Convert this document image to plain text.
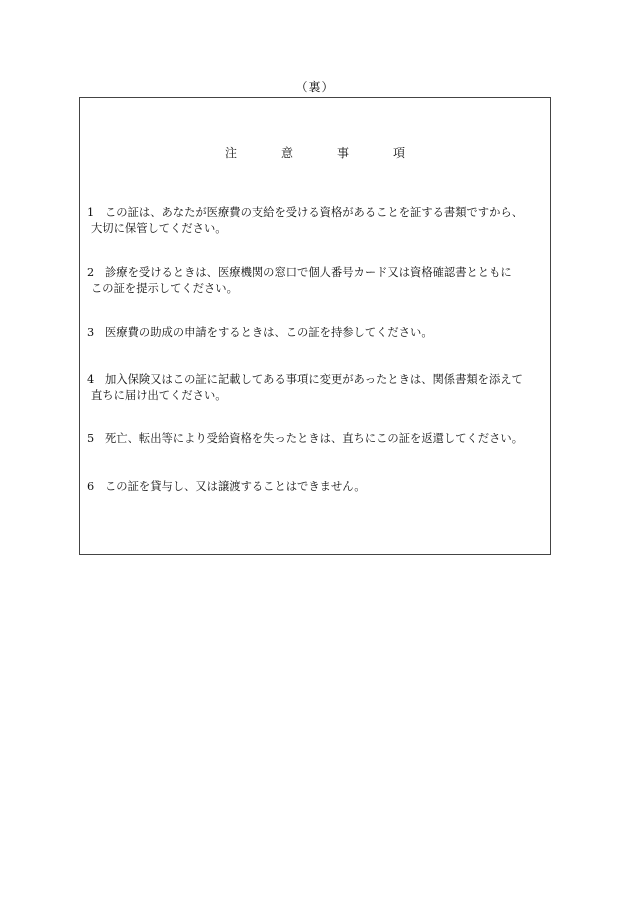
（裏）
注	意	事	項
1 この証は、あなたが医療費の支給を受ける資格があることを証する書類ですから、
大切に保管してください。
2 診療を受けるときは、医療機関の窓口で個人番号カード又は資格確認書とともに
この証を提示してください。
3 医療費の助成の申請をするときは、この証を持参してください。
4 加入保険又はこの証に記載してある事項に変更があったときは、関係書類を添えて
直ちに届け出てください。
5 死亡、転出等により受給資格を失ったときは、直ちにこの証を返還してください。
6 この証を貸与し、又は譲渡することはできません。
